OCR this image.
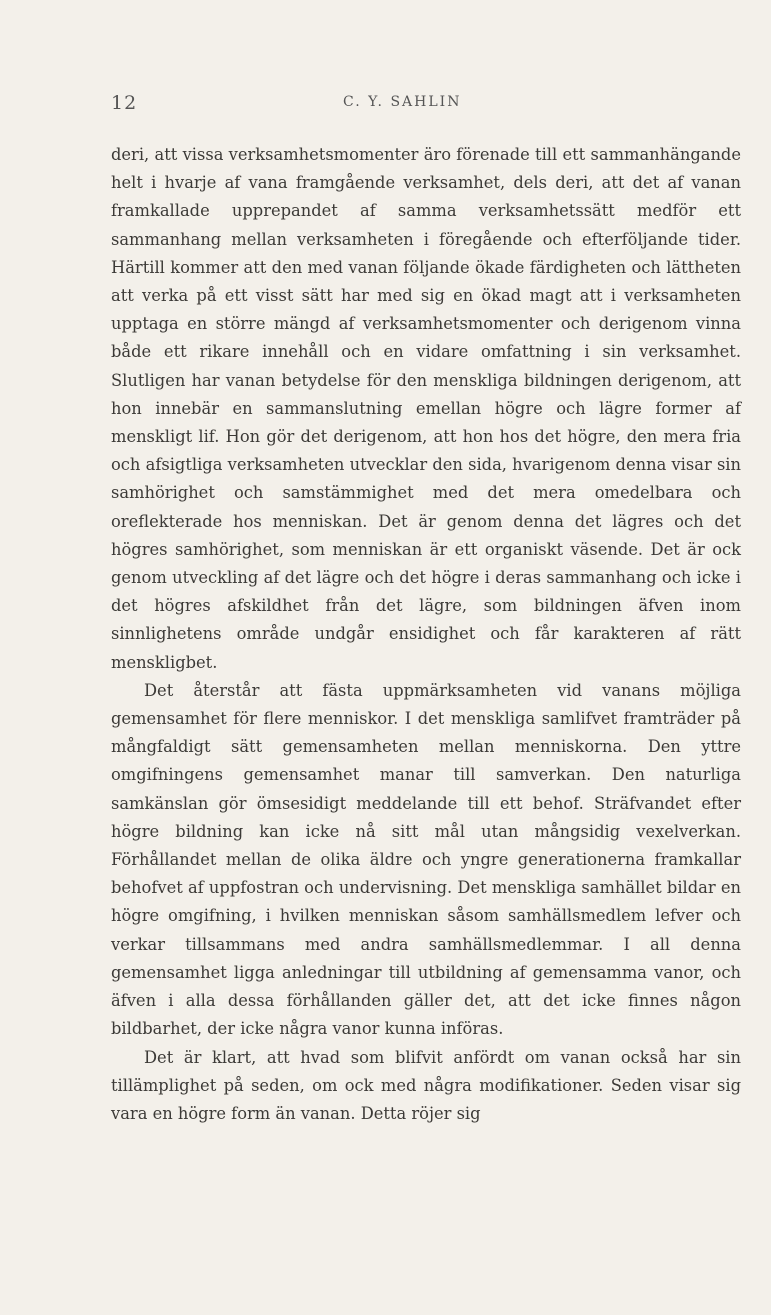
12	C. Y. SAHLIN

deri, att vissa verksamhetsmomenter äro förenade till ett sammanhängande helt i hvarje af vana framgående verksamhet, dels deri, att det af vanan framkallade upprepandet af samma verksamhetssätt medför ett sammanhang mellan verksamheten i föregående och efterföljande tider. Härtill kommer att den med vanan följande ökade färdigheten och lättheten att verka på ett visst sätt har med sig en ökad magt att i verksamheten upptaga en större mängd af verksamhetsmomenter och derigenom vinna både ett rikare innehåll och en vidare omfattning i sin verksamhet. Slutligen har vanan betydelse för den menskliga bildningen derigenom, att hon innebär en sammanslutning emellan högre och lägre former af menskligt lif. Hon gör det derigenom, att hon hos det högre, den mera fria och afsigtliga verksamheten utvecklar den sida, hvarigenom denna visar sin samhörighet och samstämmighet med det mera omedelbara och oreflekterade hos menniskan. Det är genom denna det lägres och det högres samhörighet, som menniskan är ett organiskt väsende. Det är ock genom utveckling af det lägre och det högre i deras sammanhang och icke i det högres afskildhet från det lägre, som bildningen äfven inom sinnlighetens område undgår ensidighet och får karakteren af rätt menskligbet.

Det återstår att fästa uppmärksamheten vid vanans möjliga gemensamhet för flere menniskor. I det menskliga samlifvet framträder på mångfaldigt sätt gemensamheten mellan menniskorna. Den yttre omgifningens gemensamhet manar till samverkan. Den naturliga samkänslan gör ömsesidigt meddelande till ett behof. Sträfvandet efter högre bildning kan icke nå sitt mål utan mångsidig vexelverkan. Förhållandet mellan de olika äldre och yngre generationerna framkallar behofvet af uppfostran och undervisning. Det menskliga samhället bildar en högre omgifning, i hvilken menniskan såsom samhällsmedlem lefver och verkar tillsammans med andra samhällsmedlemmar. I all denna gemensamhet ligga anledningar till utbildning af gemensamma vanor, och äfven i alla dessa förhållanden gäller det, att det icke finnes någon bildbarhet, der icke några vanor kunna införas.

Det är klart, att hvad som blifvit anfördt om vanan också har sin tillämplighet på seden, om ock med några modifikationer. Seden visar sig vara en högre form än vanan. Detta röjer sig
